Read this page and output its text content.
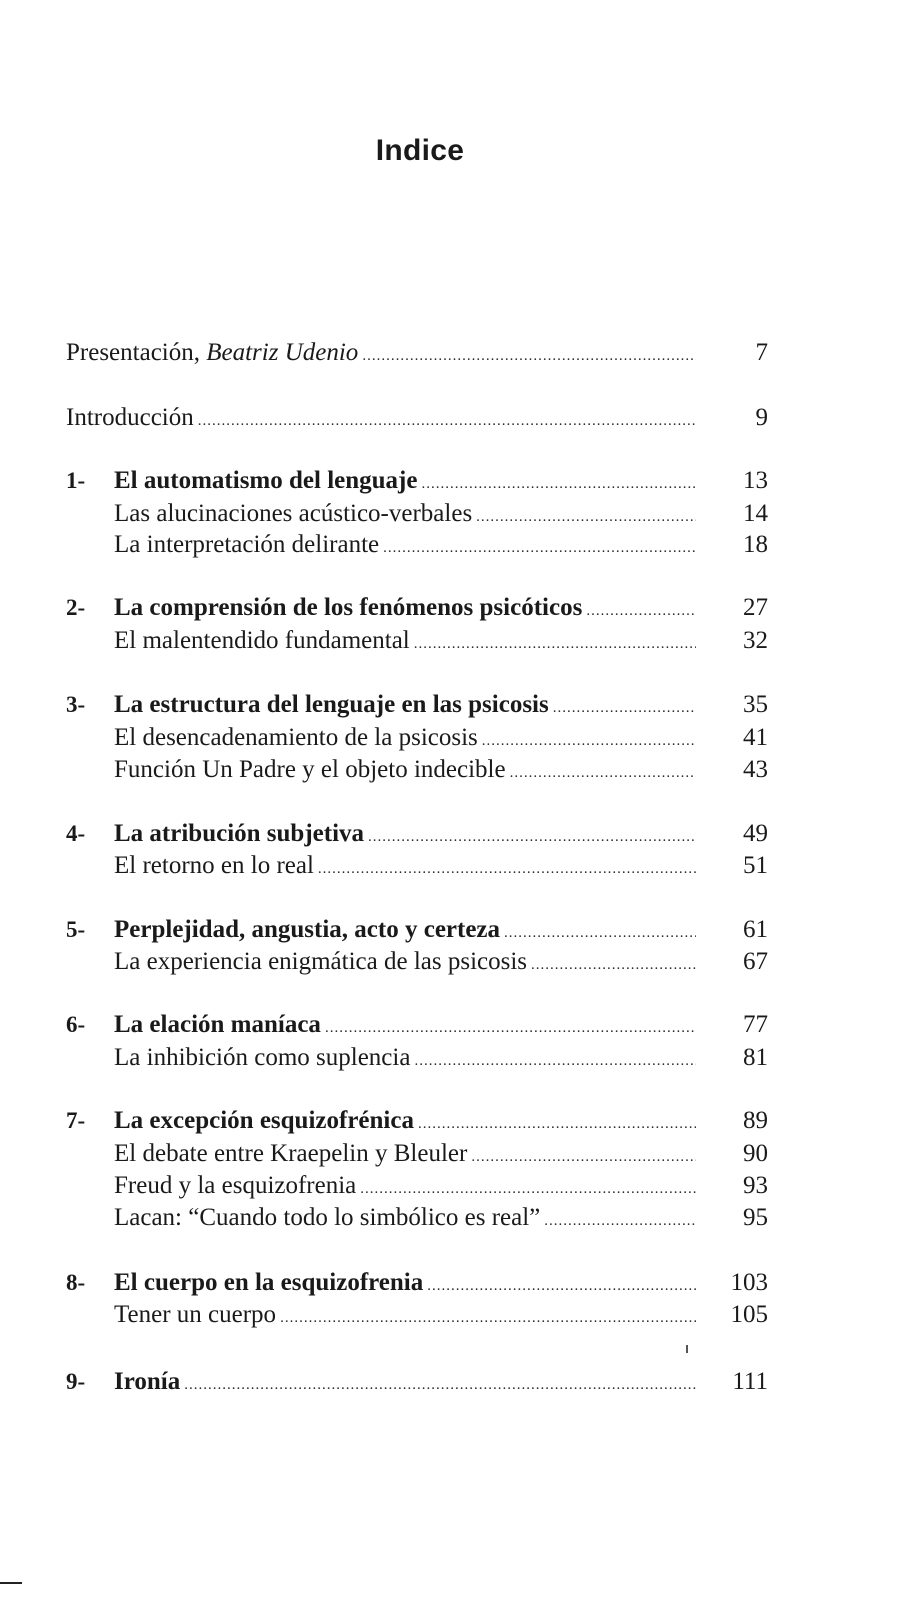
Indice
Presentación, Beatriz Udenio .....	7
Introducción .....	9
1- El automatismo del lenguaje .....	13
Las alucinaciones acústico-verbales .....	14
La interpretación delirante .....	18
2- La comprensión de los fenómenos psicóticos .....	27
El malentendido fundamental .....	32
3- La estructura del lenguaje en las psicosis .....	35
El desencadenamiento de la psicosis .....	41
Función Un Padre y el objeto indecible .....	43
4- La atribución subjetiva .....	49
El retorno en lo real .....	51
5- Perplejidad, angustia, acto y certeza .....	61
La experiencia enigmática de las psicosis .....	67
6- La elación maníaca .....	77
La inhibición como suplencia .....	81
7- La excepción esquizofrénica .....	89
El debate entre Kraepelin y Bleuler .....	90
Freud y la esquizofrenia .....	93
Lacan: “Cuando todo lo simbólico es real” .....	95
8- El cuerpo en la esquizofrenia .....	103
Tener un cuerpo .....	105
9- Ironía .....	111
